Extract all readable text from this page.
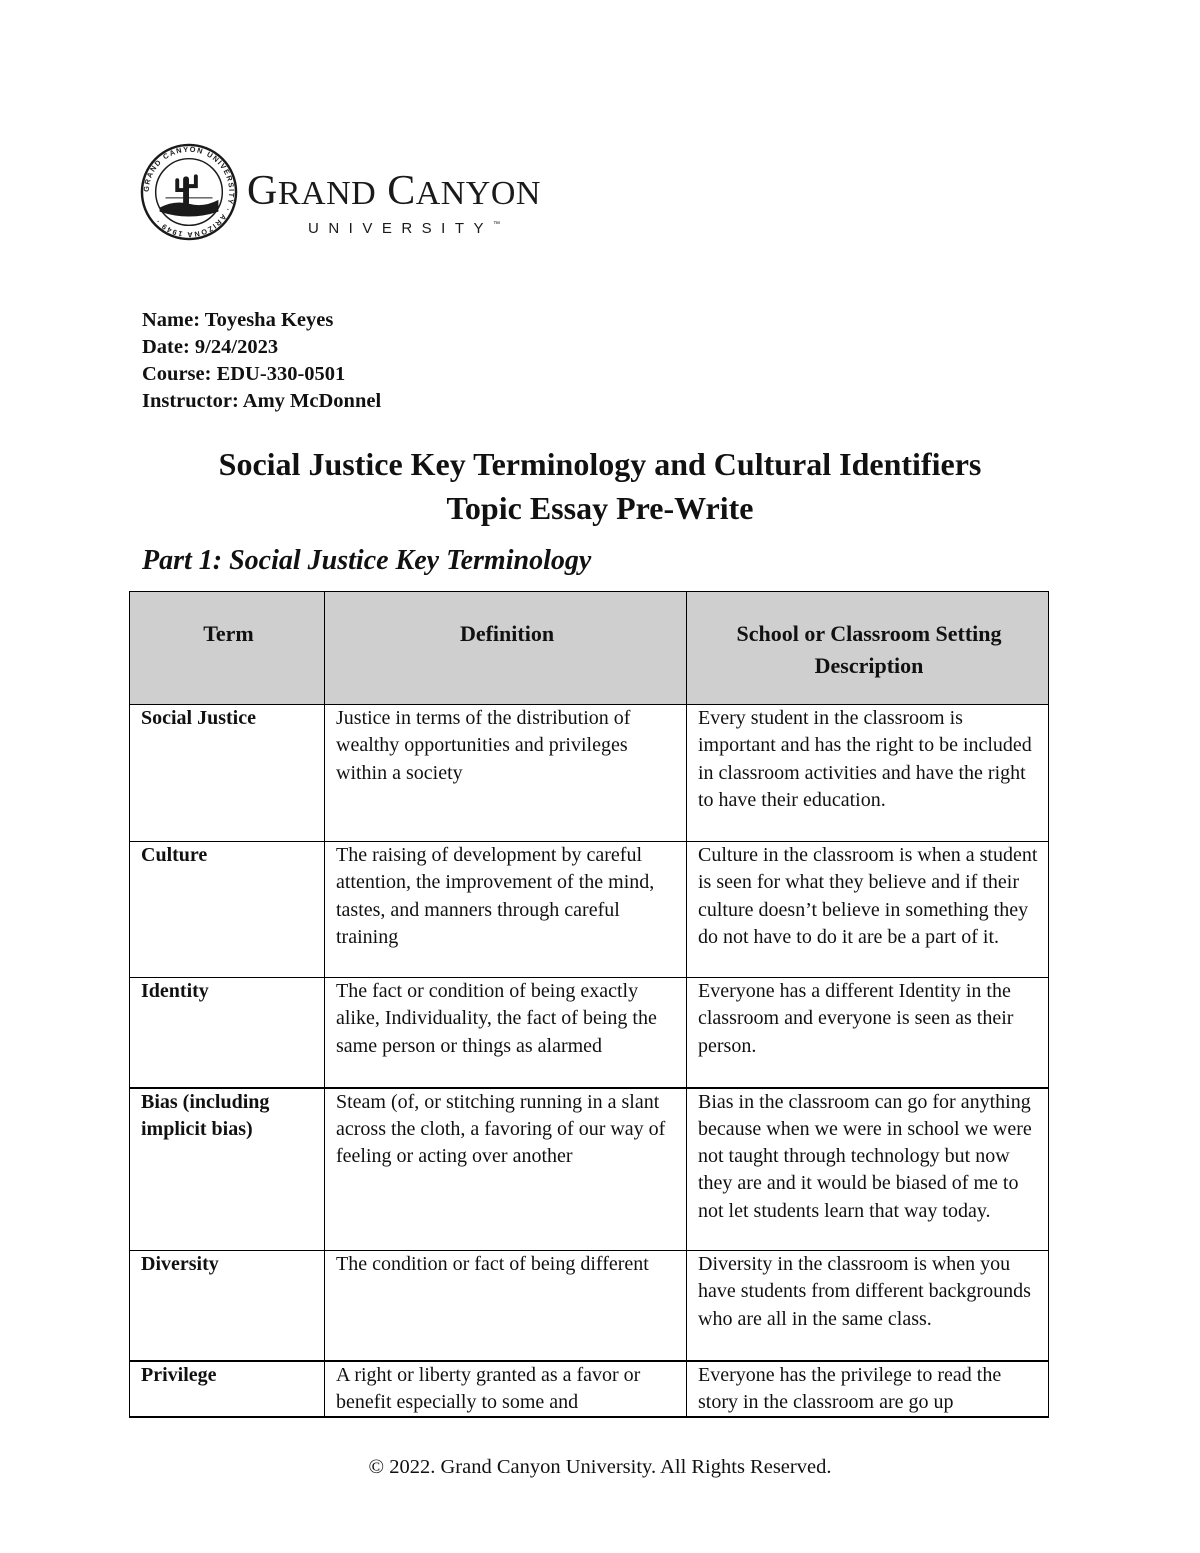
GRAND CANYON UNIVERSITY · ARIZONA 1949 ·
GRAND CANYON
UNIVERSITY™
Name: Toyesha Keyes
Date: 9/24/2023
Course: EDU-330-0501
Instructor: Amy McDonnel
Social Justice Key Terminology and Cultural Identifiers
Topic Essay Pre-Write
Part 1: Social Justice Key Terminology
Term	Definition	School or Classroom Setting Description
Social Justice	Justice in terms of the distribution of wealthy opportunities and privileges within a society	Every student in the classroom is important and has the right to be included in classroom activities and have the right to have their education.
Culture	The raising of development by careful attention, the improvement of the mind, tastes, and manners through careful training	Culture in the classroom is when a student is seen for what they believe and if their culture doesn’t believe in something they do not have to do it are be a part of it.
Identity	The fact or condition of being exactly alike, Individuality, the fact of being the same person or things as alarmed	Everyone has a different Identity in the classroom and everyone is seen as their person.
Bias (including implicit bias)	Steam (of, or stitching running in a slant across the cloth, a favoring of our way of feeling or acting over another	Bias in the classroom can go for anything because when we were in school we were not taught through technology but now they are and it would be biased of me to not let students learn that way today.
Diversity	The condition or fact of being different	Diversity in the classroom is when you have students from different backgrounds who are all in the same class.
Privilege	A right or liberty granted as a favor or benefit especially to some and	Everyone has the privilege to read the story in the classroom are go up
© 2022. Grand Canyon University. All Rights Reserved.
